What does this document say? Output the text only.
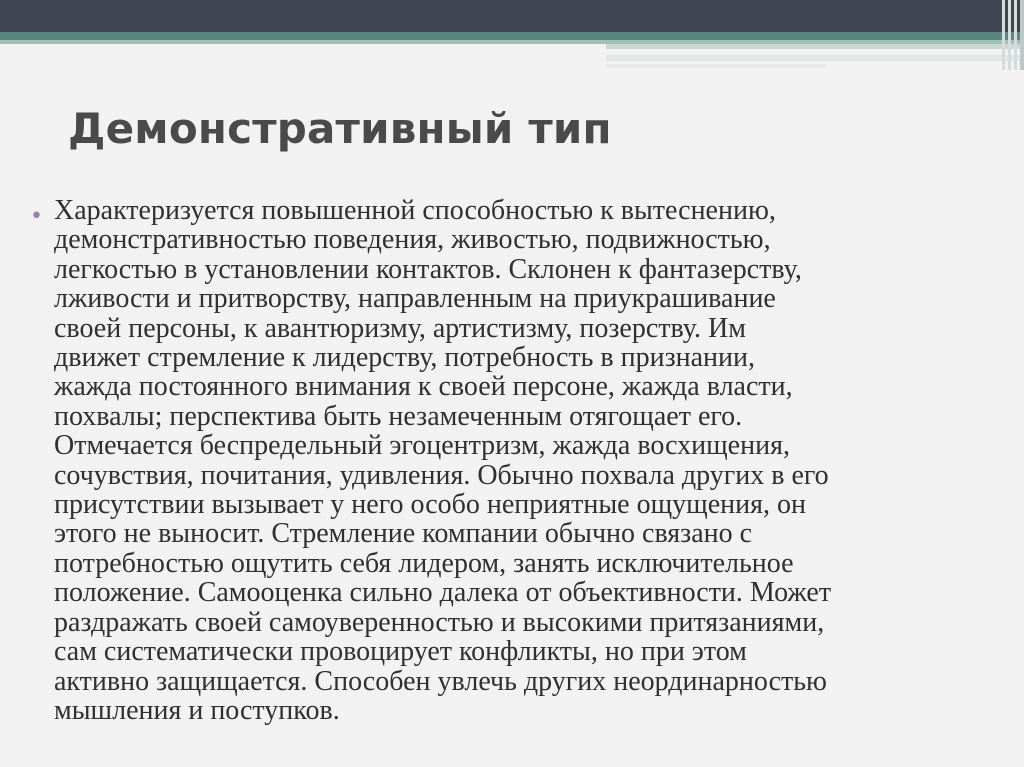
Демонстративный тип
• Характеризуется повышенной способностью к вытеснению,
демонстративностью поведения, живостью, подвижностью,
легкостью в установлении контактов. Склонен к фантазерству,
лживости и притворству, направленным на приукрашивание
своей персоны, к авантюризму, артистизму, позерству. Им
движет стремление к лидерству, потребность в признании,
жажда постоянного внимания к своей персоне, жажда власти,
похвалы; перспектива быть незамеченным отягощает его.
Отмечается беспредельный эгоцентризм, жажда восхищения,
сочувствия, почитания, удивления. Обычно похвала других в его
присутствии вызывает у него особо неприятные ощущения, он
этого не выносит. Стремление компании обычно связано с
потребностью ощутить себя лидером, занять исключительное
положение. Самооценка сильно далека от объективности. Может
раздражать своей самоуверенностью и высокими притязаниями,
сам систематически провоцирует конфликты, но при этом
активно защищается. Способен увлечь других неординарностью
мышления и поступков.
